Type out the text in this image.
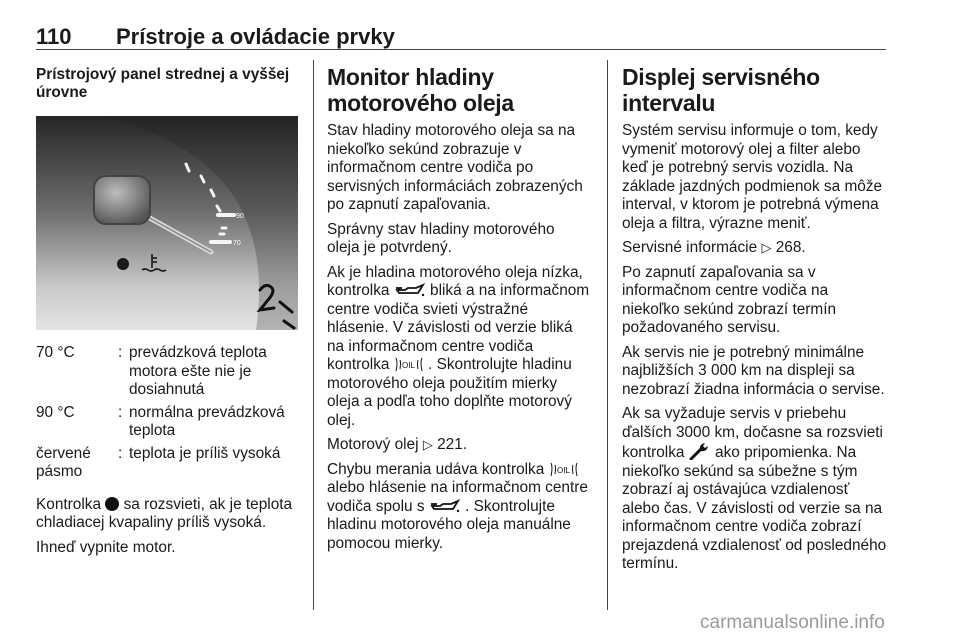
110 Prístroje a ovládacie prvky
Prístrojový panel strednej a vyššej úrovne
90
70
70 °C	:	prevádzková teplota motora ešte nie je dosiahnutá
90 °C	:	normálna prevádzková teplota
červené pásmo	:	teplota je príliš vysoká

Kontrolka sa rozsvieti, ak je teplota chladiacej kvapaliny príliš vysoká.

Ihneď vypnite motor.

Monitor hladiny motorového oleja

Stav hladiny motorového oleja sa na niekoľko sekúnd zobrazuje v informačnom centre vodiča po servisných informáciách zobrazených po zapnutí zapaľovania.

Správny stav hladiny motorového oleja je potvrdený.

Ak je hladina motorového oleja nízka, kontrolka	bliká a na informačnom centre vodiča svieti výstražné hlásenie. V závislosti od verzie bliká na informačnom centre vodiča kontrolka OIL . Skontrolujte hladinu motorového oleja použitím mierky oleja a podľa toho doplňte motorový olej.

Motorový olej ▷ 221.

Chybu merania udáva kontrolka OIL
alebo hlásenie na informačnom centre vodiča spolu s	. Skontrolujte hladinu motorového oleja manuálne pomocou mierky.

Displej servisného intervalu

Systém servisu informuje o tom, kedy vymeniť motorový olej a filter alebo keď je potrebný servis vozidla. Na základe jazdných podmienok sa môže interval, v ktorom je potrebná výmena oleja a filtra, výrazne meniť.

Servisné informácie ▷ 268.

Po zapnutí zapaľovania sa v informačnom centre vodiča na niekoľko sekúnd zobrazí termín požadovaného servisu.

Ak servis nie je potrebný minimálne najbližších 3 000 km na displeji sa nezobrazí žiadna informácia o servise.

Ak sa vyžaduje servis v priebehu ďalších 3000 km, dočasne sa rozsvieti kontrolka ako pripomienka. Na niekoľko sekúnd sa súbežne s tým zobrazí aj ostávajúca vzdialenosť alebo čas. V závislosti od verzie sa na informačnom centre vodiča zobrazí prejazdená vzdialenosť od posledného termínu.

carmanualsonline.info
